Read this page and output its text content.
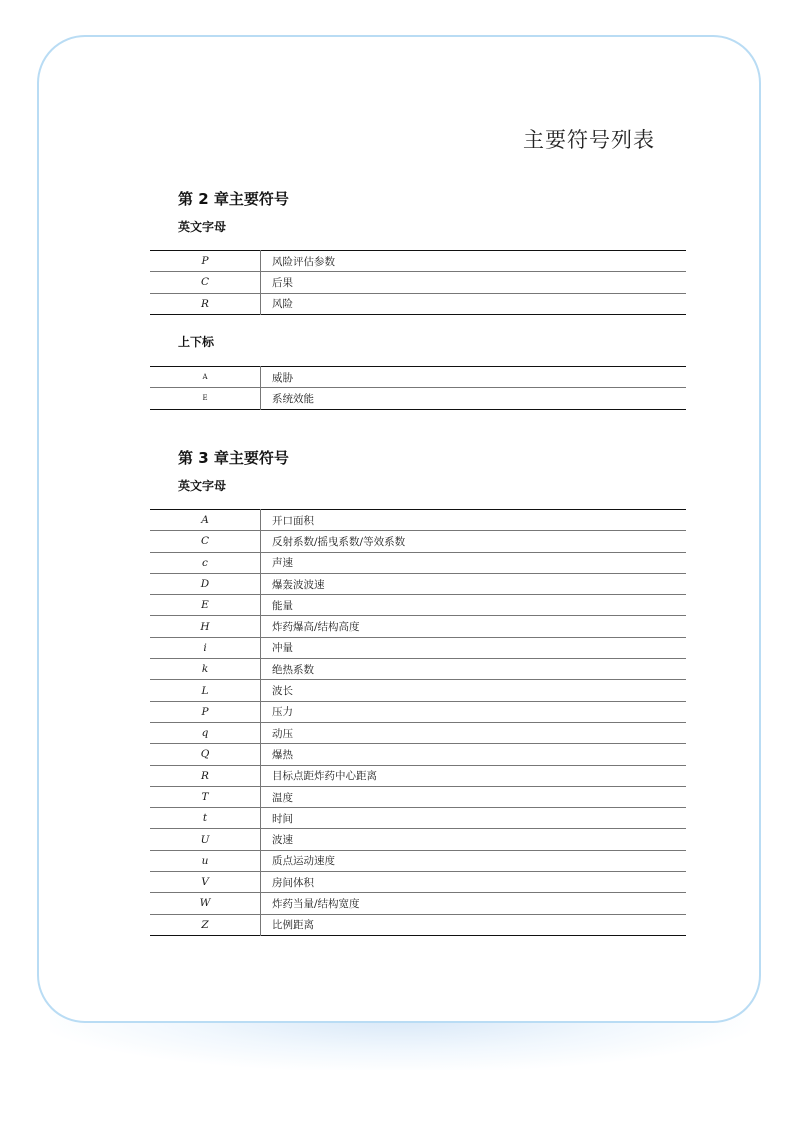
主要符号列表
第 2 章主要符号
英文字母
P	风险评估参数
C	后果
R	风险
上下标
A	威胁
E	系统效能
第 3 章主要符号
英文字母
A	开口面积
C	反射系数/摇曳系数/等效系数
c	声速
D	爆轰波波速
E	能量
H	炸药爆高/结构高度
i	冲量
k	绝热系数
L	波长
P	压力
q	动压
Q	爆热
R	目标点距炸药中心距离
T	温度
t	时间
U	波速
u	质点运动速度
V	房间体积
W	炸药当量/结构宽度
Z	比例距离
